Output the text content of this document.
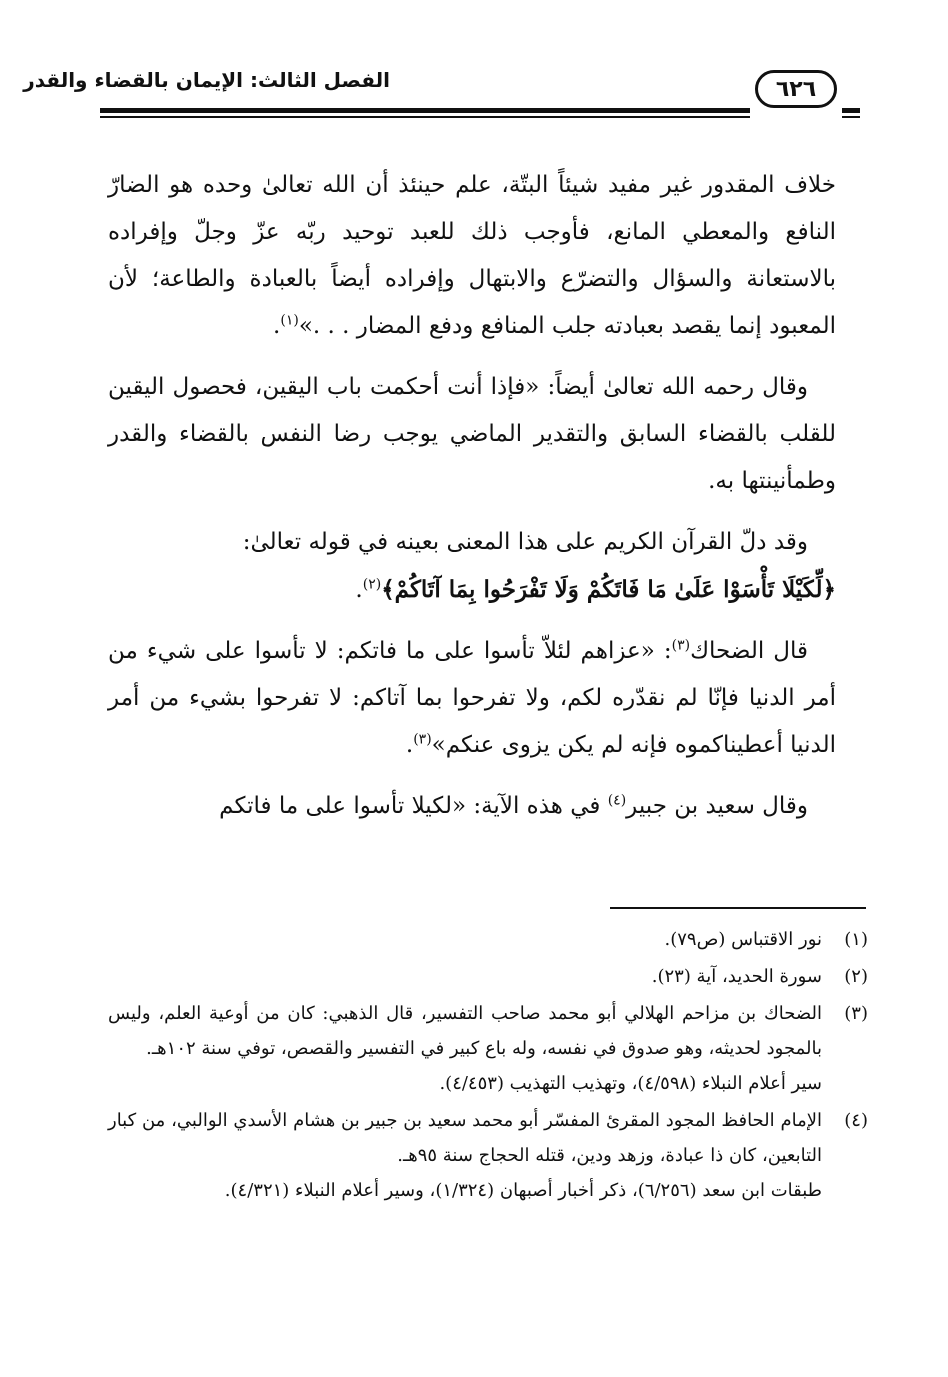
الفصل الثالث: الإيمان بالقضاء والقدر	٦٢٦

خلاف المقدور غير مفيد شيئاً البتّة، علم حينئذ أن الله تعالىٰ وحده هو الضارّ النافع والمعطي المانع، فأوجب ذلك للعبد توحيد ربّه عزّ وجلّ وإفراده بالاستعانة والسؤال والتضرّع والابتهال وإفراده أيضاً بالعبادة والطاعة؛ لأن المعبود إنما يقصد بعبادته جلب المنافع ودفع المضار . . .»$^{(١)}$.

وقال رحمه الله تعالىٰ أيضاً: «فإذا أنت أحكمت باب اليقين، فحصول اليقين للقلب بالقضاء السابق والتقدير الماضي يوجب رضا النفس بالقضاء والقدر وطمأنينتها به.

وقد دلّ القرآن الكريم على هذا المعنى بعينه في قوله تعالىٰ:
﴿لِّكَيْلَا تَأْسَوْا عَلَىٰ مَا فَاتَكُمْ وَلَا تَفْرَحُوا بِمَا آتَاكُمْ﴾$^{(٢)}$.

قال الضحاك$^{(٣)}$: «عزاهم لئلاّ تأسوا على ما فاتكم: لا تأسوا على شيء من أمر الدنيا فإنّا لم نقدّره لكم، ولا تفرحوا بما آتاكم: لا تفرحوا بشيء من أمر الدنيا أعطيناكموه فإنه لم يكن يزوى عنكم»$^{(٣)}$.

وقال سعيد بن جبير$^{(٤)}$ في هذه الآية: «لكيلا تأسوا على ما فاتكم

(١)
نور الاقتباس (ص٧٩).
(٢)
سورة الحديد، آية (٢٣).
(٣)
الضحاك بن مزاحم الهلالي أبو محمد صاحب التفسير، قال الذهبي: كان من أوعية العلم، وليس بالمجود لحديثه، وهو صدوق في نفسه، وله باع كبير في التفسير والقصص، توفي سنة ١٠٢هـ.
سير أعلام النبلاء (٤/٥٩٨)، وتهذيب التهذيب (٤/٤٥٣).
(٤)
الإمام الحافظ المجود المقرئ المفسّر أبو محمد سعيد بن جبير بن هشام الأسدي الوالبي، من كبار التابعين، كان ذا عبادة، وزهد ودين، قتله الحجاج سنة ٩٥هـ.
طبقات ابن سعد (٦/٢٥٦)، ذكر أخبار أصبهان (١/٣٢٤)، وسير أعلام النبلاء (٤/٣٢١).
